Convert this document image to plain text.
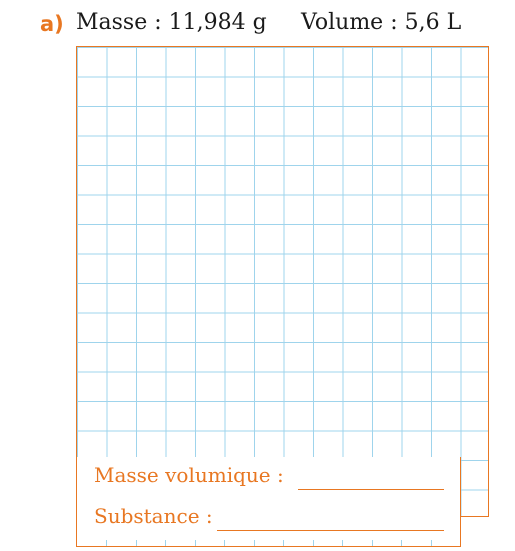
a) Masse : 11,984 g Volume : 5,6 L
Masse volumique :
Substance :
